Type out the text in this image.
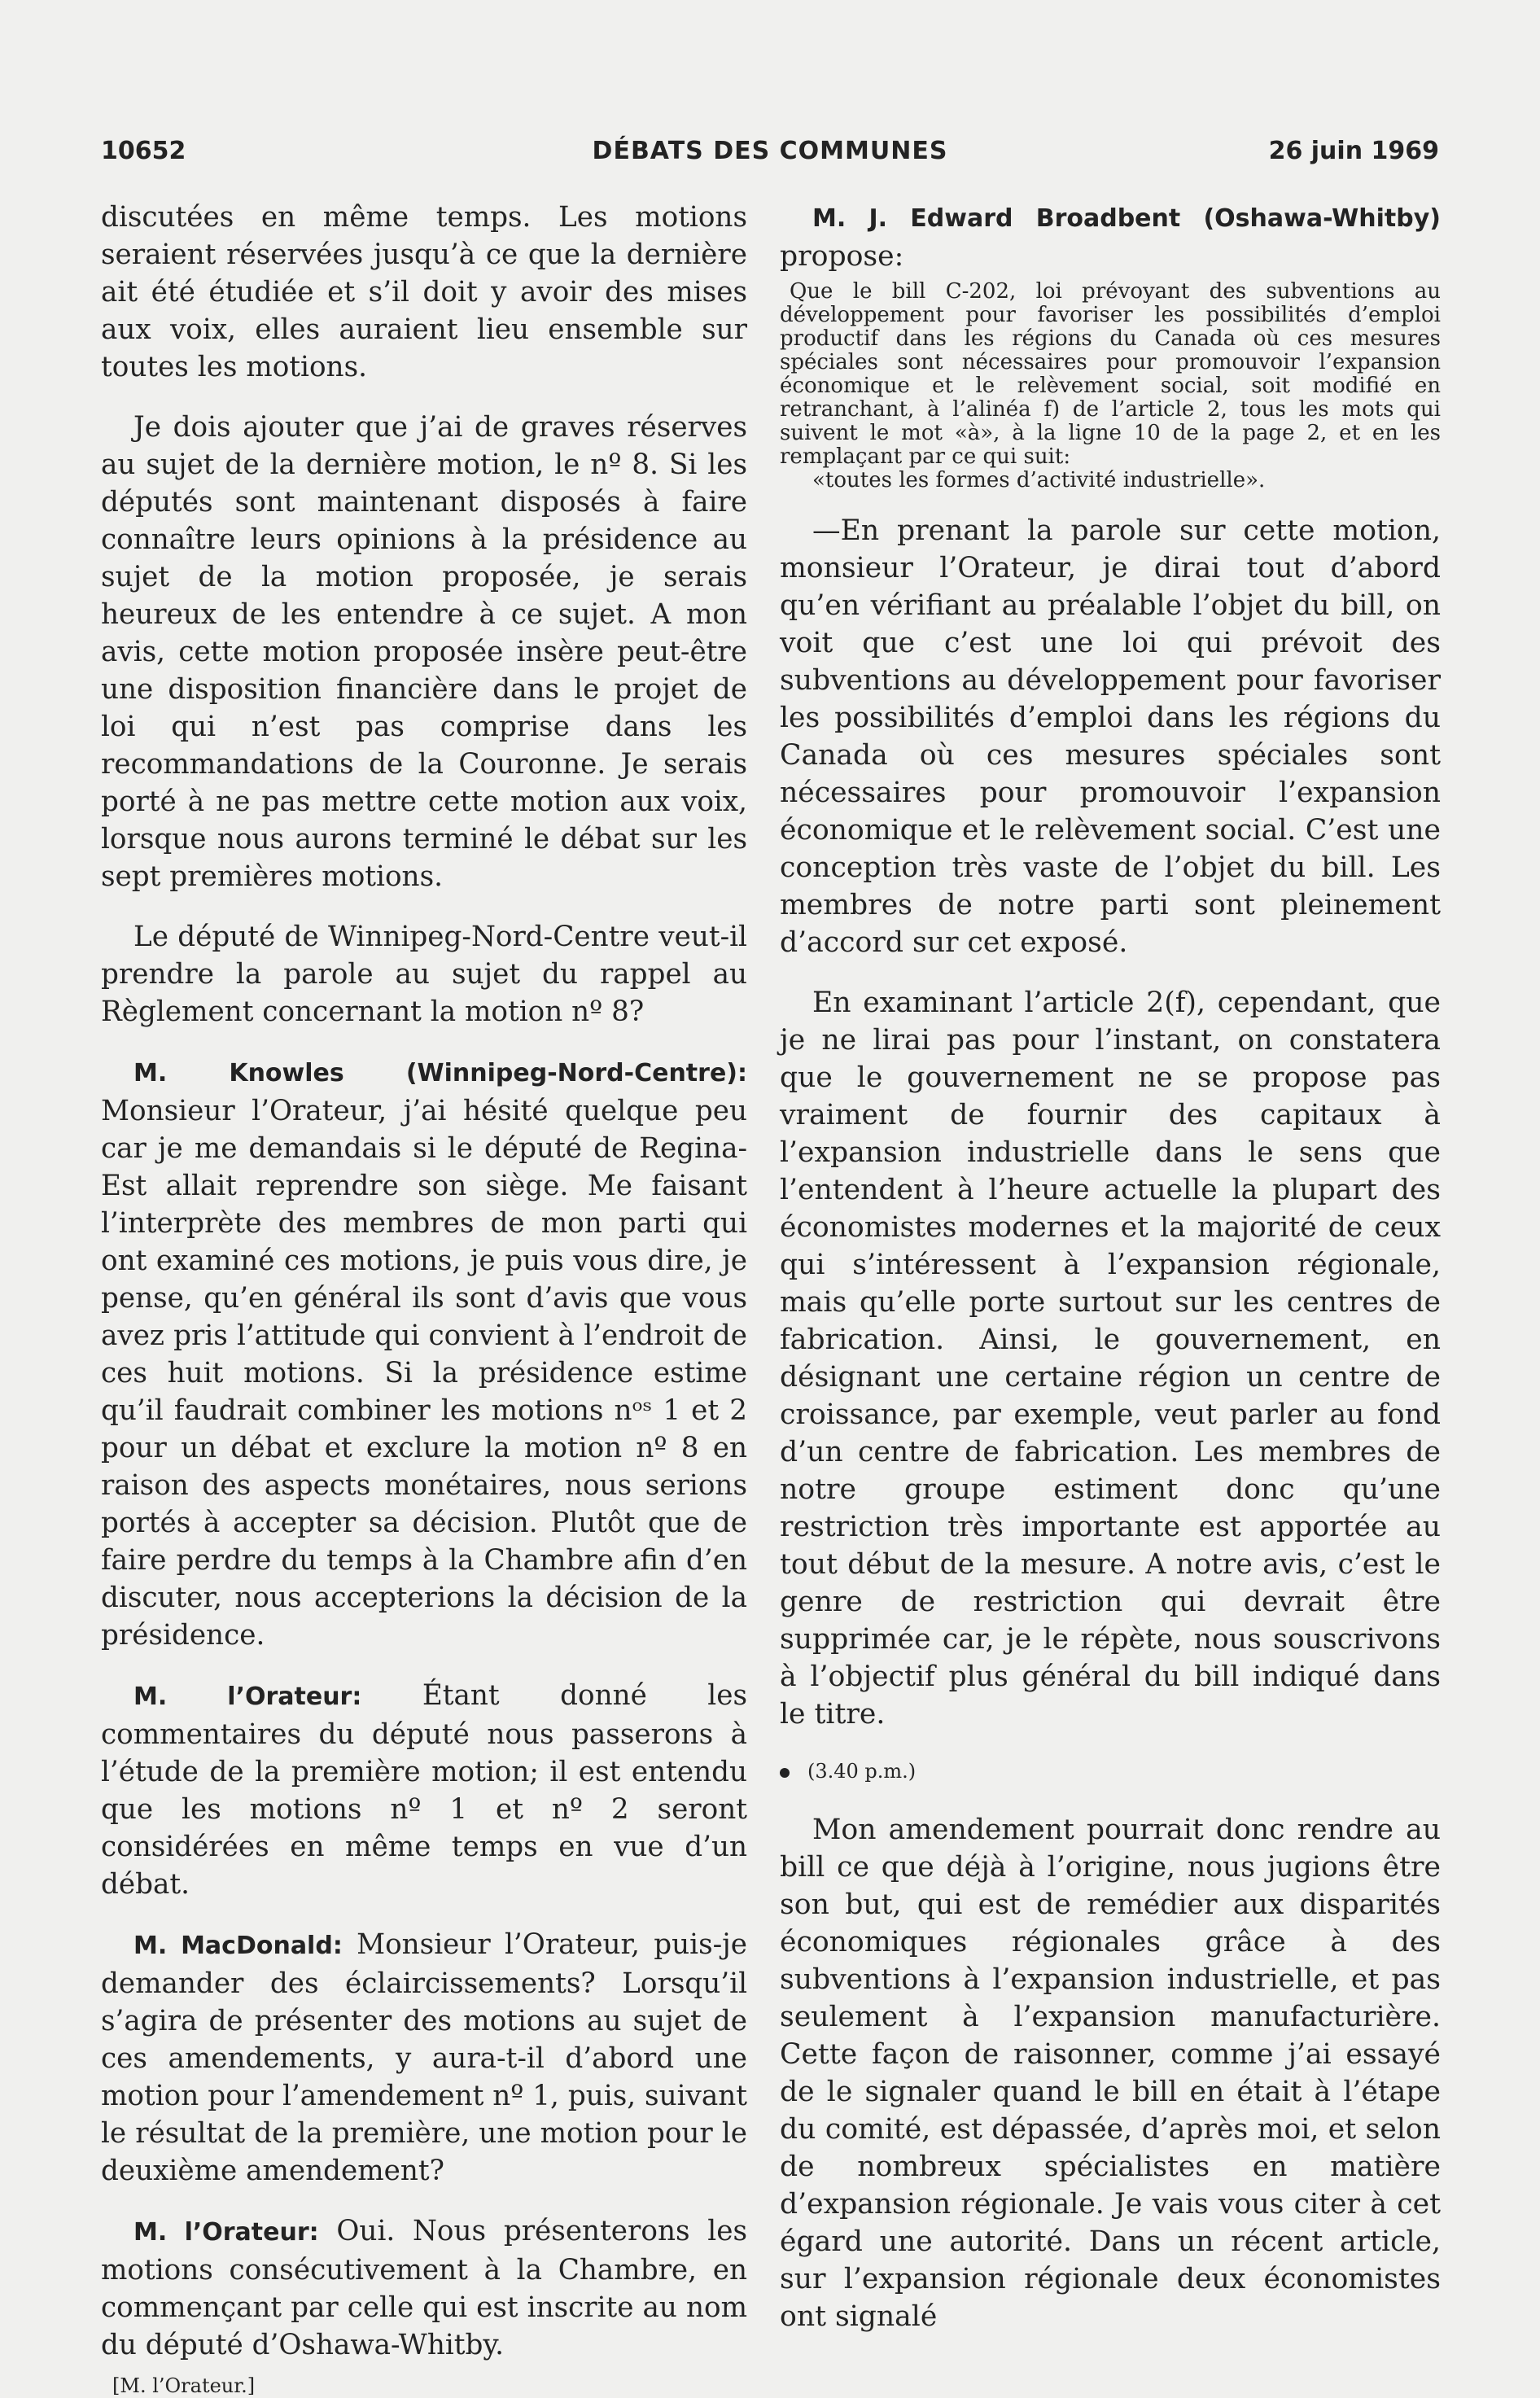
10652	DÉBATS DES COMMUNES	26 juin 1969

discutées en même temps. Les motions seraient réservées jusqu’à ce que la dernière ait été étudiée et s’il doit y avoir des mises aux voix, elles auraient lieu ensemble sur toutes les motions.

Je dois ajouter que j’ai de graves réserves au sujet de la dernière motion, le nº 8. Si les députés sont maintenant disposés à faire connaître leurs opinions à la présidence au sujet de la motion proposée, je serais heureux de les entendre à ce sujet. A mon avis, cette motion proposée insère peut-être une disposition financière dans le projet de loi qui n’est pas comprise dans les recommandations de la Couronne. Je serais porté à ne pas mettre cette motion aux voix, lorsque nous aurons terminé le débat sur les sept premières motions.

Le député de Winnipeg-Nord-Centre veut-il prendre la parole au sujet du rappel au Règlement concernant la motion nº 8?

M. Knowles (Winnipeg-Nord-Centre): Monsieur l’Orateur, j’ai hésité quelque peu car je me demandais si le député de Regina-Est allait reprendre son siège. Me faisant l’interprète des membres de mon parti qui ont examiné ces motions, je puis vous dire, je pense, qu’en général ils sont d’avis que vous avez pris l’attitude qui convient à l’endroit de ces huit motions. Si la présidence estime qu’il faudrait combiner les motions nᵒˢ 1 et 2 pour un débat et exclure la motion nº 8 en raison des aspects monétaires, nous serions portés à accepter sa décision. Plutôt que de faire perdre du temps à la Chambre afin d’en discuter, nous accepterions la décision de la présidence.

M. l’Orateur: Étant donné les commentaires du député nous passerons à l’étude de la première motion; il est entendu que les motions nº 1 et nº 2 seront considérées en même temps en vue d’un débat.

M. MacDonald: Monsieur l’Orateur, puis-je demander des éclaircissements? Lorsqu’il s’agira de présenter des motions au sujet de ces amendements, y aura-t-il d’abord une motion pour l’amendement nº 1, puis, suivant le résultat de la première, une motion pour le deuxième amendement?

M. l’Orateur: Oui. Nous présenterons les motions consécutivement à la Chambre, en commençant par celle qui est inscrite au nom du député d’Oshawa-Whitby.

[M. l’Orateur.]

M. J. Edward Broadbent (Oshawa-Whitby) propose:

Que le bill C-202, loi prévoyant des subventions au développement pour favoriser les possibilités d’emploi productif dans les régions du Canada où ces mesures spéciales sont nécessaires pour promouvoir l’expansion économique et le relèvement social, soit modifié en retranchant, à l’alinéa f) de l’article 2, tous les mots qui suivent le mot «à», à la ligne 10 de la page 2, et en les remplaçant par ce qui suit:
«toutes les formes d’activité industrielle».

—En prenant la parole sur cette motion, monsieur l’Orateur, je dirai tout d’abord qu’en vérifiant au préalable l’objet du bill, on voit que c’est une loi qui prévoit des subventions au développement pour favoriser les possibilités d’emploi dans les régions du Canada où ces mesures spéciales sont nécessaires pour promouvoir l’expansion économique et le relèvement social. C’est une conception très vaste de l’objet du bill. Les membres de notre parti sont pleinement d’accord sur cet exposé.

En examinant l’article 2(f), cependant, que je ne lirai pas pour l’instant, on constatera que le gouvernement ne se propose pas vraiment de fournir des capitaux à l’expansion industrielle dans le sens que l’entendent à l’heure actuelle la plupart des économistes modernes et la majorité de ceux qui s’intéressent à l’expansion régionale, mais qu’elle porte surtout sur les centres de fabrication. Ainsi, le gouvernement, en désignant une certaine région un centre de croissance, par exemple, veut parler au fond d’un centre de fabrication. Les membres de notre groupe estiment donc qu’une restriction très importante est apportée au tout début de la mesure. A notre avis, c’est le genre de restriction qui devrait être supprimée car, je le répète, nous souscrivons à l’objectif plus général du bill indiqué dans le titre.

(3.40 p.m.)

Mon amendement pourrait donc rendre au bill ce que déjà à l’origine, nous jugions être son but, qui est de remédier aux disparités économiques régionales grâce à des subventions à l’expansion industrielle, et pas seulement à l’expansion manufacturière. Cette façon de raisonner, comme j’ai essayé de le signaler quand le bill en était à l’étape du comité, est dépassée, d’après moi, et selon de nombreux spécialistes en matière d’expansion régionale. Je vais vous citer à cet égard une autorité. Dans un récent article, sur l’expansion régionale deux économistes ont signalé
